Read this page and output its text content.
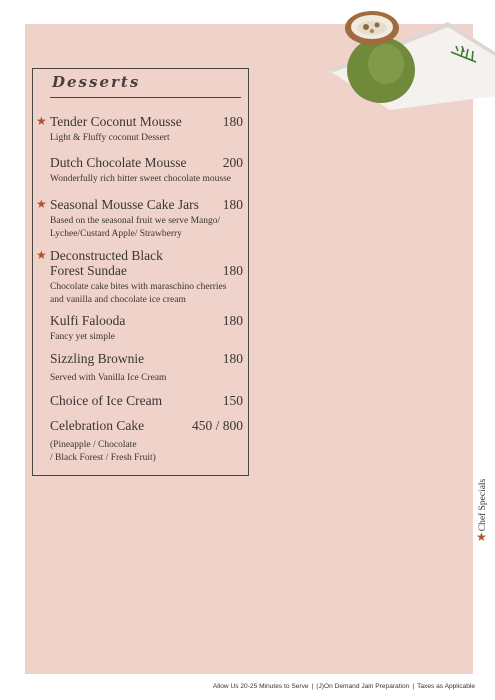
Desserts
★ Tender Coconut Mousse	180
Light & Fluffy coconut Dessert
Dutch Chocolate Mousse	200
Wonderfully rich bitter sweet chocolate mousse
★ Seasonal Mousse Cake Jars 180
Based on the seasonal fruit we serve Mango/
Lychee/Custard Apple/ Strawberry
★ Deconstructed Black
Forest Sundae	180
Chocolate cake bites with maraschino cherries
and vanilla and chocolate ice cream
Kulfi Falooda	180
Fancy yet simple
Sizzling Brownie	180
Served with Vanilla Ice Cream
Choice of Ice Cream	150
Celebration Cake	450 / 800
(Pineapple / Chocolate
/ Black Forest / Fresh Fruit)
Chef Specials
★
Allow Us 20-25 Minutes to Serve | (J)On Demand Jain Preparation | Taxes as Applicable
